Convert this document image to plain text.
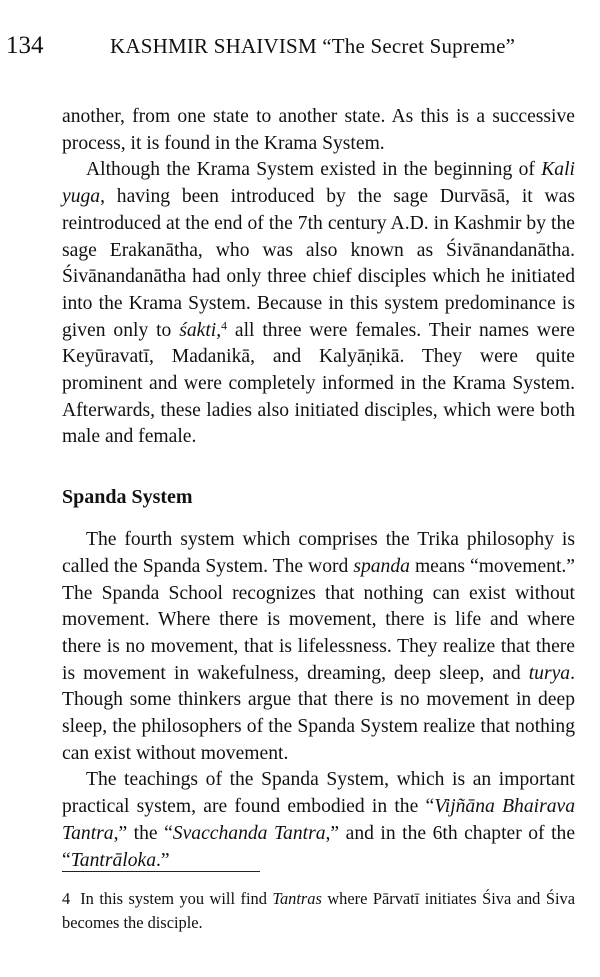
134	KASHMIR SHAIVISM “The Secret Supreme”

another, from one state to another state. As this is a successive process, it is found in the Krama System.

Although the Krama System existed in the beginning of Kali yuga, having been introduced by the sage Durvāsā, it was reintroduced at the end of the 7th century A.D. in Kashmir by the sage Erakanātha, who was also known as Śivānandanātha. Śivānandanātha had only three chief disciples which he initiated into the Krama System. Because in this system predominance is given only to śakti,$^4$ all three were females. Their names were Keyūravatī, Madanikā, and Kalyāṇikā. They were quite prominent and were completely informed in the Krama System. Afterwards, these ladies also initiated disciples, which were both male and female.

Spanda System

The fourth system which comprises the Trika philosophy is called the Spanda System. The word spanda means “movement.” The Spanda School recognizes that nothing can exist without movement. Where there is movement, there is life and where there is no movement, that is lifelessness. They realize that there is movement in wakefulness, dreaming, deep sleep, and turya. Though some thinkers argue that there is no movement in deep sleep, the philosophers of the Spanda System realize that nothing can exist without movement.

The teachings of the Spanda System, which is an important practical system, are found embodied in the “Vijñāna Bhairava Tantra,” the “Svacchanda Tantra,” and in the 6th chapter of the “Tantrāloka.”

4 In this system you will find Tantras where Pārvatī initiates Śiva and Śiva becomes the disciple.
